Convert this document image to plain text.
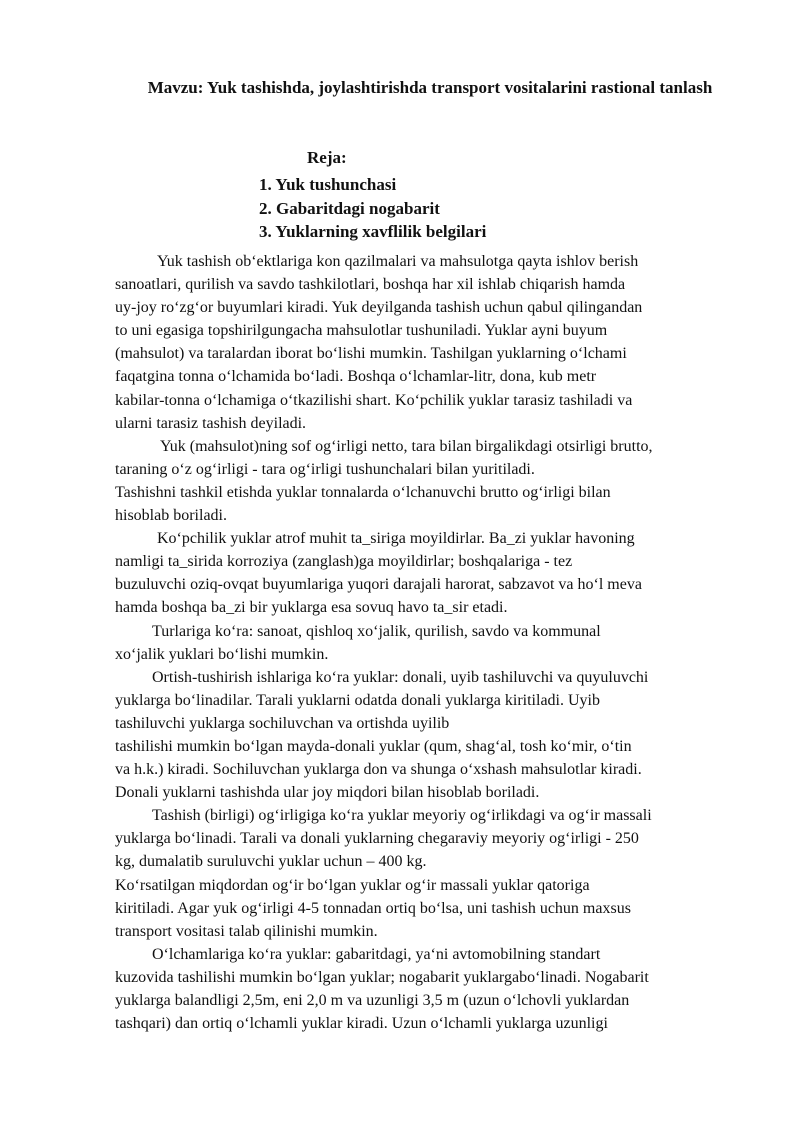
Mavzu: Yuk tashishda, joylashtirishda transport vositalarini rastional tanlash
Reja:
1. Yuk tushunchasi
2. Gabaritdagi nogabarit
3. Yuklarning xavflilik belgilari
Yuk tashish ob‘ektlariga kon qazilmalari va mahsulotga qayta ishlov berish
sanoatlari, qurilish va savdo tashkilotlari, boshqa har xil ishlab chiqarish hamda
uy-joy ro‘zg‘or buyumlari kiradi. Yuk deyilganda tashish uchun qabul qilingandan
to uni egasiga topshirilgungacha mahsulotlar tushuniladi. Yuklar ayni buyum
(mahsulot) va taralardan iborat bo‘lishi mumkin. Tashilgan yuklarning o‘lchami
faqatgina tonna o‘lchamida bo‘ladi. Boshqa o‘lchamlar-litr, dona, kub metr
kabilar-tonna o‘lchamiga o‘tkazilishi shart. Ko‘pchilik yuklar tarasiz tashiladi va
ularni tarasiz tashish deyiladi.
Yuk (mahsulot)ning sof og‘irligi netto, tara bilan birgalikdagi otsirligi brutto,
taraning o‘z og‘irligi - tara og‘irligi tushunchalari bilan yuritiladi.
Tashishni tashkil etishda yuklar tonnalarda o‘lchanuvchi brutto og‘irligi bilan
hisoblab boriladi.
Ko‘pchilik yuklar atrof muhit ta_siriga moyildirlar. Ba_zi yuklar havoning
namligi ta_sirida korroziya (zanglash)ga moyildirlar; boshqalariga - tez
buzuluvchi oziq-ovqat buyumlariga yuqori darajali harorat, sabzavot va ho‘l meva
hamda boshqa ba_zi bir yuklarga esa sovuq havo ta_sir etadi.
Turlariga ko‘ra: sanoat, qishloq xo‘jalik, qurilish, savdo va kommunal
xo‘jalik yuklari bo‘lishi mumkin.
Ortish-tushirish ishlariga ko‘ra yuklar: donali, uyib tashiluvchi va quyuluvchi
yuklarga bo‘linadilar. Tarali yuklarni odatda donali yuklarga kiritiladi. Uyib
tashiluvchi yuklarga sochiluvchan va ortishda uyilib
tashilishi mumkin bo‘lgan mayda-donali yuklar (qum, shag‘al, tosh ko‘mir, o‘tin
va h.k.) kiradi. Sochiluvchan yuklarga don va shunga o‘xshash mahsulotlar kiradi.
Donali yuklarni tashishda ular joy miqdori bilan hisoblab boriladi.
Tashish (birligi) og‘irligiga ko‘ra yuklar meyoriy og‘irlikdagi va og‘ir massali
yuklarga bo‘linadi. Tarali va donali yuklarning chegaraviy meyoriy og‘irligi - 250
kg, dumalatib suruluvchi yuklar uchun – 400 kg.
Ko‘rsatilgan miqdordan og‘ir bo‘lgan yuklar og‘ir massali yuklar qatoriga
kiritiladi. Agar yuk og‘irligi 4-5 tonnadan ortiq bo‘lsa, uni tashish uchun maxsus
transport vositasi talab qilinishi mumkin.
O‘lchamlariga ko‘ra yuklar: gabaritdagi, ya‘ni avtomobilning standart
kuzovida tashilishi mumkin bo‘lgan yuklar; nogabarit yuklargabo‘linadi. Nogabarit
yuklarga balandligi 2,5m, eni 2,0 m va uzunligi 3,5 m (uzun o‘lchovli yuklardan
tashqari) dan ortiq o‘lchamli yuklar kiradi. Uzun o‘lchamli yuklarga uzunligi
